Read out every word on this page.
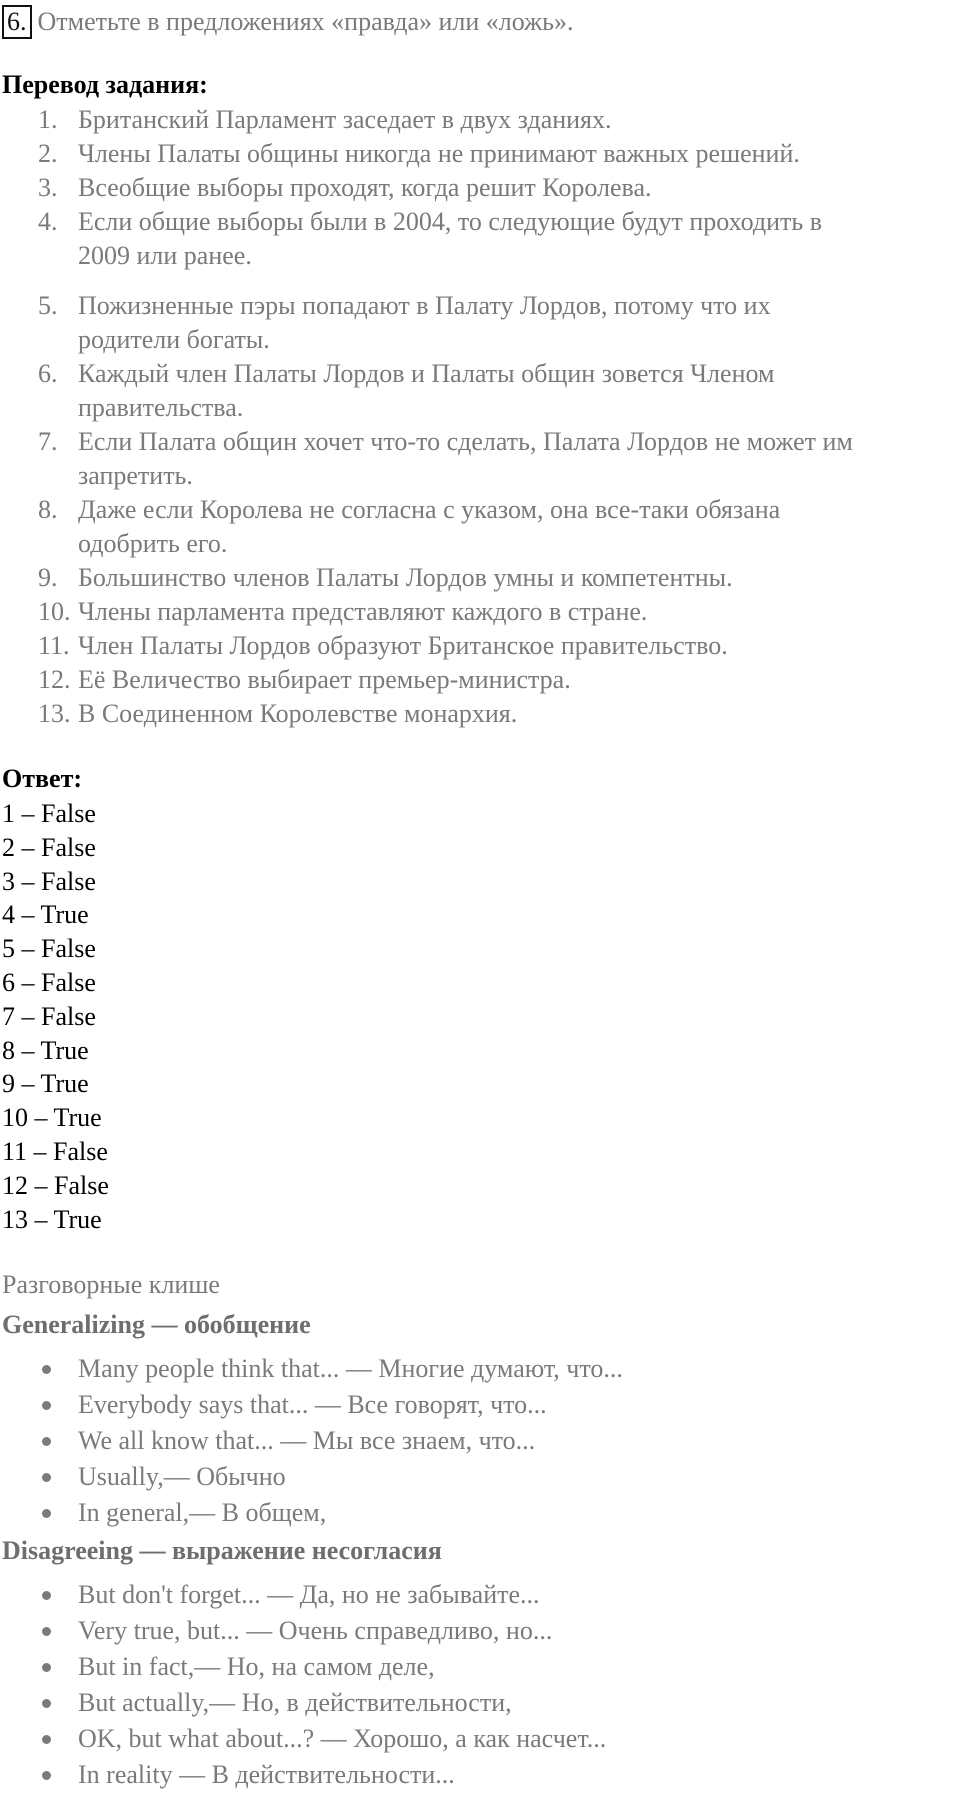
6. Отметьте в предложениях «правда» или «ложь».
Перевод задания:
1. Британский Парламент заседает в двух зданиях.
2. Члены Палаты общины никогда не принимают важных решений.
3. Всеобщие выборы проходят, когда решит Королева.
4. Если общие выборы были в 2004, то следующие будут проходить в
2009 или ранее.
5. Пожизненные пэры попадают в Палату Лордов, потому что их
родители богаты.
6. Каждый член Палаты Лордов и Палаты общин зовется Членом
правительства.
7. Если Палата общин хочет что-то сделать, Палата Лордов не может им
запретить.
8. Даже если Королева не согласна с указом, она все-таки обязана
одобрить его.
9. Большинство членов Палаты Лордов умны и компетентны.
10. Члены парламента представляют каждого в стране.
11. Член Палаты Лордов образуют Британское правительство.
12. Её Величество выбирает премьер-министра.
13. В Соединенном Королевстве монархия.
Ответ:
1 – False
2 – False
3 – False
4 – True
5 – False
6 – False
7 – False
8 – True
9 – True
10 – True
11 – False
12 – False
13 – True
Разговорные клише
Generalizing — обобщение
Many people think that... — Многие думают, что...
Everybody says that... — Все говорят, что...
We all know that... — Мы все знаем, что...
Usually,— Обычно
In general,— В общем,
Disagreeing — выражение несогласия
But don't forget... — Да, но не забывайте...
Very true, but... — Очень справедливо, но...
But in fact,— Но, на самом деле,
But actually,— Но, в действительности,
OK, but what about...? — Хорошо, а как насчет...
In reality — В действительности...
